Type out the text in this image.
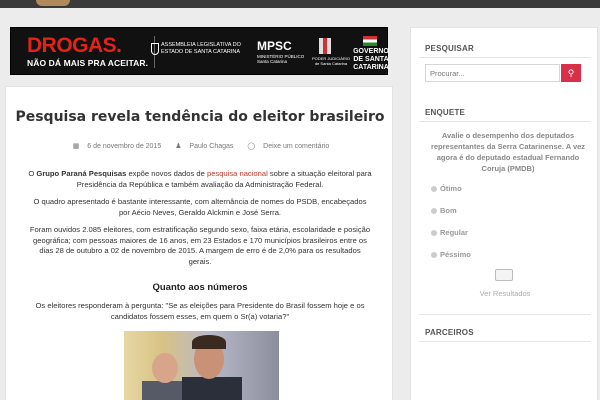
DROGAS.
NÃO DÁ MAIS PRA ACEITAR.
ASSEMBLEIA LEGISLATIVA DO ESTADO DE SANTA CATARINA	MPSC
MINISTÉRIO PÚBLICO Santa Catarina
PODER JUDICIÁRIO de Santa Catarina
GOVERNO DE SANTA CATARINA
Pesquisa revela tendência do eleitor brasileiro
▦ 6 de novembro de 2015 ♟ Paulo Chagas ◯ Deixe um comentário
O Grupo Paraná Pesquisas expõe novos dados de pesquisa nacional sobre a situação eleitoral para Presidência da República e também avaliação da Administração Federal.
O quadro apresentado é bastante interessante, com alternância de nomes do PSDB, encabeçados por Aécio Neves, Geraldo Alckmin e José Serra.
Foram ouvidos 2.085 eleitores, com estratificação segundo sexo, faixa etária, escolaridade e posição geográfica; com pessoas maiores de 16 anos, em 23 Estados e 170 municípios brasileiros entre os dias 28 de outubro a 02 de novembro de 2015. A margem de erro é de 2,0% para os resultados gerais.
Quanto aos números
Os eleitores responderam à pergunta: "Se as eleições para Presidente do Brasil fossem hoje e os candidatos fossem esses, em quem o Sr(a) votaria?"
PESQUISAR
Procurar...
⚲
ENQUETE
Avalie o desempenho dos deputados representantes da Serra Catarinense. A vez agora é do deputado estadual Fernando Coruja (PMDB)
Ótimo
Bom
Regular
Péssimo
Ver Resultados
PARCEIROS
